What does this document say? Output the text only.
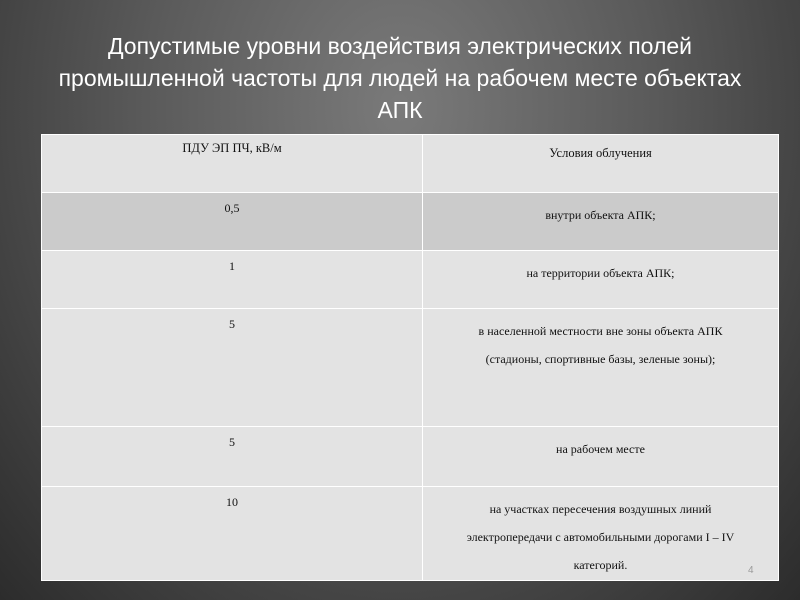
Допустимые уровни воздействия электрических полей
промышленной частоты для людей на рабочем месте объектах
АПК
ПДУ ЭП ПЧ, кВ/м	Условия облучения
0,5	внутри объекта АПК;

1	на территории объекта АПК;

5	в населенной местности вне зоны объекта АПК
(стадионы, спортивные базы, зеленые зоны);

5	на рабочем месте

10	на участках пересечения воздушных линий
электропередачи с автомобильными дорогами I – IV
категорий.	4
